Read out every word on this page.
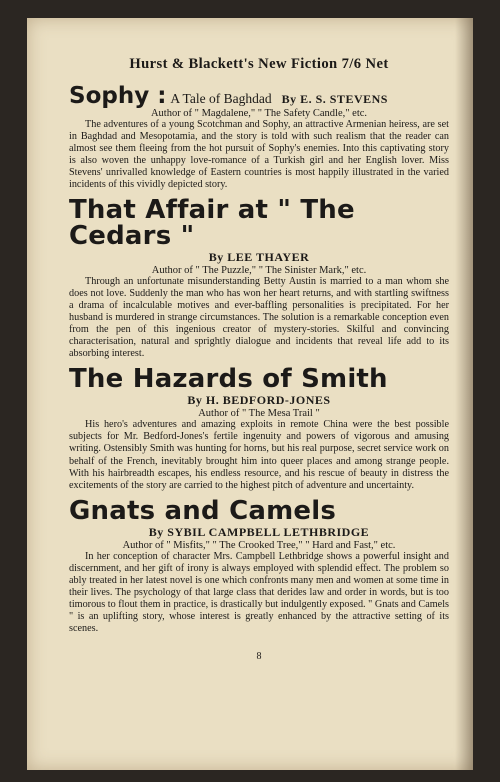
Hurst & Blackett's New Fiction 7/6 Net
Sophy : A Tale of Baghdad By E. S. STEVENS

Author of " Magdalene," " The Safety Candle," etc.

The adventures of a young Scotchman and Sophy, an attractive Armenian heiress, are set in Baghdad and Mesopotamia, and the story is told with such realism that the reader can almost see them fleeing from the hot pursuit of Sophy's enemies. Into this captivating story is also woven the unhappy love-romance of a Turkish girl and her English lover. Miss Stevens' unrivalled knowledge of Eastern countries is most happily illustrated in the varied incidents of this vividly depicted story.

That Affair at " The Cedars "

By LEE THAYER

Author of " The Puzzle," " The Sinister Mark," etc.

Through an unfortunate misunderstanding Betty Austin is married to a man whom she does not love. Suddenly the man who has won her heart returns, and with startling swiftness a drama of incalculable motives and ever-baffling personalities is precipitated. For her husband is murdered in strange circumstances. The solution is a remarkable conception even from the pen of this ingenious creator of mystery-stories. Skilful and convincing characterisation, natural and sprightly dialogue and incidents that reveal life add to its absorbing interest.

The Hazards of Smith

By H. BEDFORD-JONES

Author of " The Mesa Trail "

His hero's adventures and amazing exploits in remote China were the best possible subjects for Mr. Bedford-Jones's fertile ingenuity and powers of vigorous and amusing writing. Ostensibly Smith was hunting for horns, but his real purpose, secret service work on behalf of the French, inevitably brought him into queer places and among strange people. With his hairbreadth escapes, his endless resource, and his rescue of beauty in distress the excitements of the story are carried to the highest pitch of adventure and uncertainty.

Gnats and Camels

By SYBIL CAMPBELL LETHBRIDGE

Author of " Misfits," " The Crooked Tree," " Hard and Fast," etc.

In her conception of character Mrs. Campbell Lethbridge shows a powerful insight and discernment, and her gift of irony is always employed with splendid effect. The problem so ably treated in her latest novel is one which confronts many men and women at some time in their lives. The psychology of that large class that derides law and order in words, but is too timorous to flout them in practice, is drastically but indulgently exposed. " Gnats and Camels " is an uplifting story, whose interest is greatly enhanced by the attractive setting of its scenes.

8
